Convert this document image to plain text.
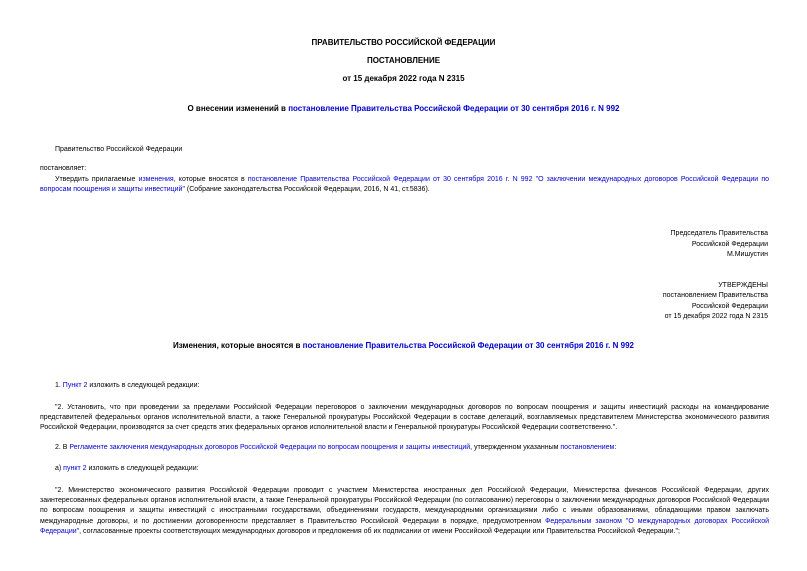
ПРАВИТЕЛЬСТВО РОССИЙСКОЙ ФЕДЕРАЦИИ
ПОСТАНОВЛЕНИЕ
от 15 декабря 2022 года N 2315
О внесении изменений в постановление Правительства Российской Федерации от 30 сентября 2016 г. N 992
Правительство Российской Федерации
постановляет:
Утвердить прилагаемые изменения, которые вносятся в постановление Правительства Российской Федерации от 30 сентября 2016 г. N 992 "О заключении международных договоров Российской Федерации по вопросам поощрения и защиты инвестиций" (Собрание законодательства Российской Федерации, 2016, N 41, ст.5836).
Председатель Правительства
Российской Федерации
М.Мишустин
УТВЕРЖДЕНЫ
постановлением Правительства
Российской Федерации
от 15 декабря 2022 года N 2315
Изменения, которые вносятся в постановление Правительства Российской Федерации от 30 сентября 2016 г. N 992
1. Пункт 2 изложить в следующей редакции:
"2. Установить, что при проведении за пределами Российской Федерации переговоров о заключении международных договоров по вопросам поощрения и защиты инвестиций расходы на командирование представителей федеральных органов исполнительной власти, а также Генеральной прокуратуры Российской Федерации в составе делегаций, возглавляемых представителем Министерства экономического развития Российской Федерации, производятся за счет средств этих федеральных органов исполнительной власти и Генеральной прокуратуры Российской Федерации соответственно.".
2. В Регламенте заключения международных договоров Российской Федерации по вопросам поощрения и защиты инвестиций, утвержденном указанным постановлением:
а) пункт 2 изложить в следующей редакции:
"2. Министерство экономического развития Российской Федерации проводит с участием Министерства иностранных дел Российской Федерации, Министерства финансов Российской Федерации, других заинтересованных федеральных органов исполнительной власти, а также Генеральной прокуратуры Российской Федерации (по согласованию) переговоры о заключении международных договоров Российской Федерации по вопросам поощрения и защиты инвестиций с иностранными государствами, объединениями государств, международными организациями либо с иными образованиями, обладающими правом заключать международные договоры, и по достижении договоренности представляет в Правительство Российской Федерации в порядке, предусмотренном Федеральным законом "О международных договорах Российской Федерации", согласованные проекты соответствующих международных договоров и предложения об их подписании от имени Российской Федерации или Правительства Российской Федерации.";
